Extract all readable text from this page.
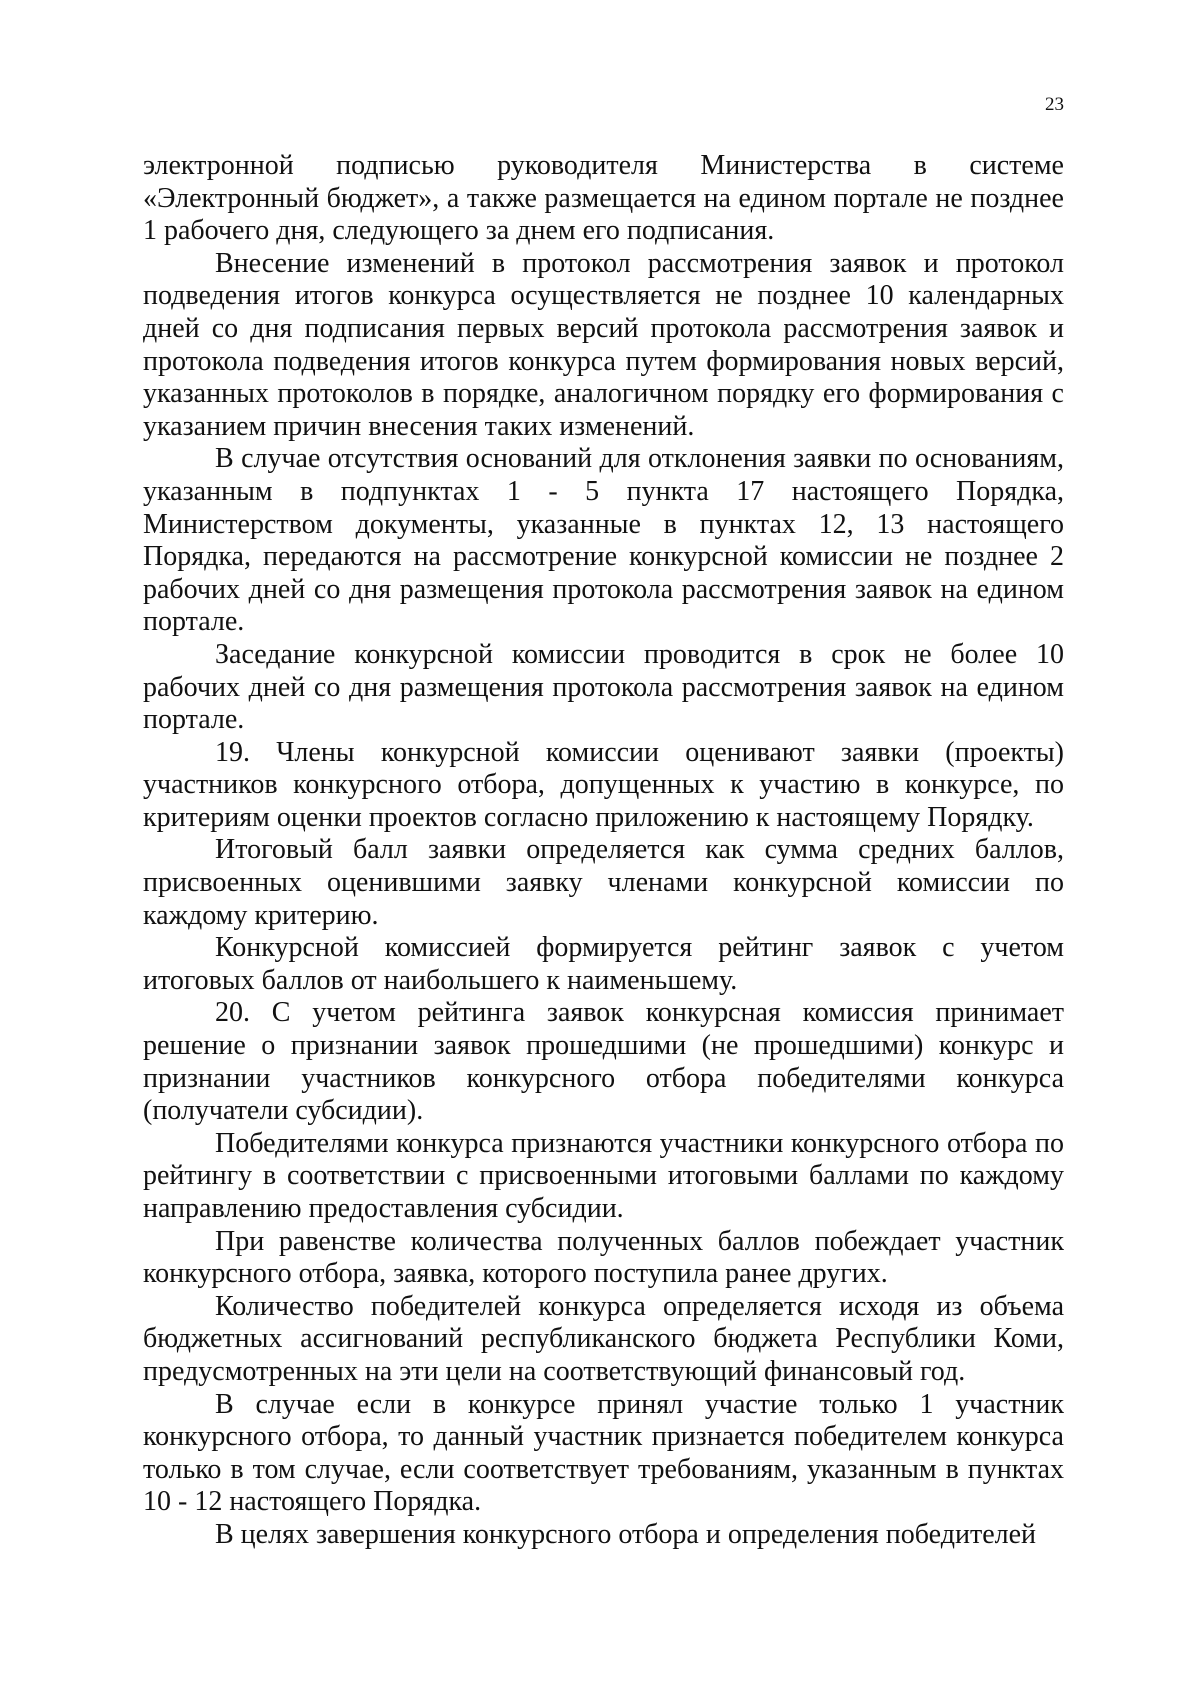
23

электронной подписью руководителя Министерства в системе «Электронный бюджет», а также размещается на едином портале не позднее 1 рабочего дня, следующего за днем его подписания.

Внесение изменений в протокол рассмотрения заявок и протокол подведения итогов конкурса осуществляется не позднее 10 календарных дней со дня подписания первых версий протокола рассмотрения заявок и протокола подведения итогов конкурса путем формирования новых версий, указанных протоколов в порядке, аналогичном порядку его формирования с указанием причин внесения таких изменений.

В случае отсутствия оснований для отклонения заявки по основаниям, указанным в подпунктах 1 - 5 пункта 17 настоящего Порядка, Министерством документы, указанные в пунктах 12, 13 настоящего Порядка, передаются на рассмотрение конкурсной комиссии не позднее 2 рабочих дней со дня размещения протокола рассмотрения заявок на едином портале.

Заседание конкурсной комиссии проводится в срок не более 10 рабочих дней со дня размещения протокола рассмотрения заявок на едином портале.

19. Члены конкурсной комиссии оценивают заявки (проекты) участников конкурсного отбора, допущенных к участию в конкурсе, по критериям оценки проектов согласно приложению к настоящему Порядку.

Итоговый балл заявки определяется как сумма средних баллов, присвоенных оценившими заявку членами конкурсной комиссии по каждому критерию.

Конкурсной комиссией формируется рейтинг заявок с учетом итоговых баллов от наибольшего к наименьшему.

20. С учетом рейтинга заявок конкурсная комиссия принимает решение о признании заявок прошедшими (не прошедшими) конкурс и признании участников конкурсного отбора победителями конкурса (получатели субсидии).

Победителями конкурса признаются участники конкурсного отбора по рейтингу в соответствии с присвоенными итоговыми баллами по каждому направлению предоставления субсидии.

При равенстве количества полученных баллов побеждает участник конкурсного отбора, заявка, которого поступила ранее других.

Количество победителей конкурса определяется исходя из объема бюджетных ассигнований республиканского бюджета Республики Коми, предусмотренных на эти цели на соответствующий финансовый год.

В случае если в конкурсе принял участие только 1 участник конкурсного отбора, то данный участник признается победителем конкурса только в том случае, если соответствует требованиям, указанным в пунктах 10 - 12 настоящего Порядка.

В целях завершения конкурсного отбора и определения победителей
